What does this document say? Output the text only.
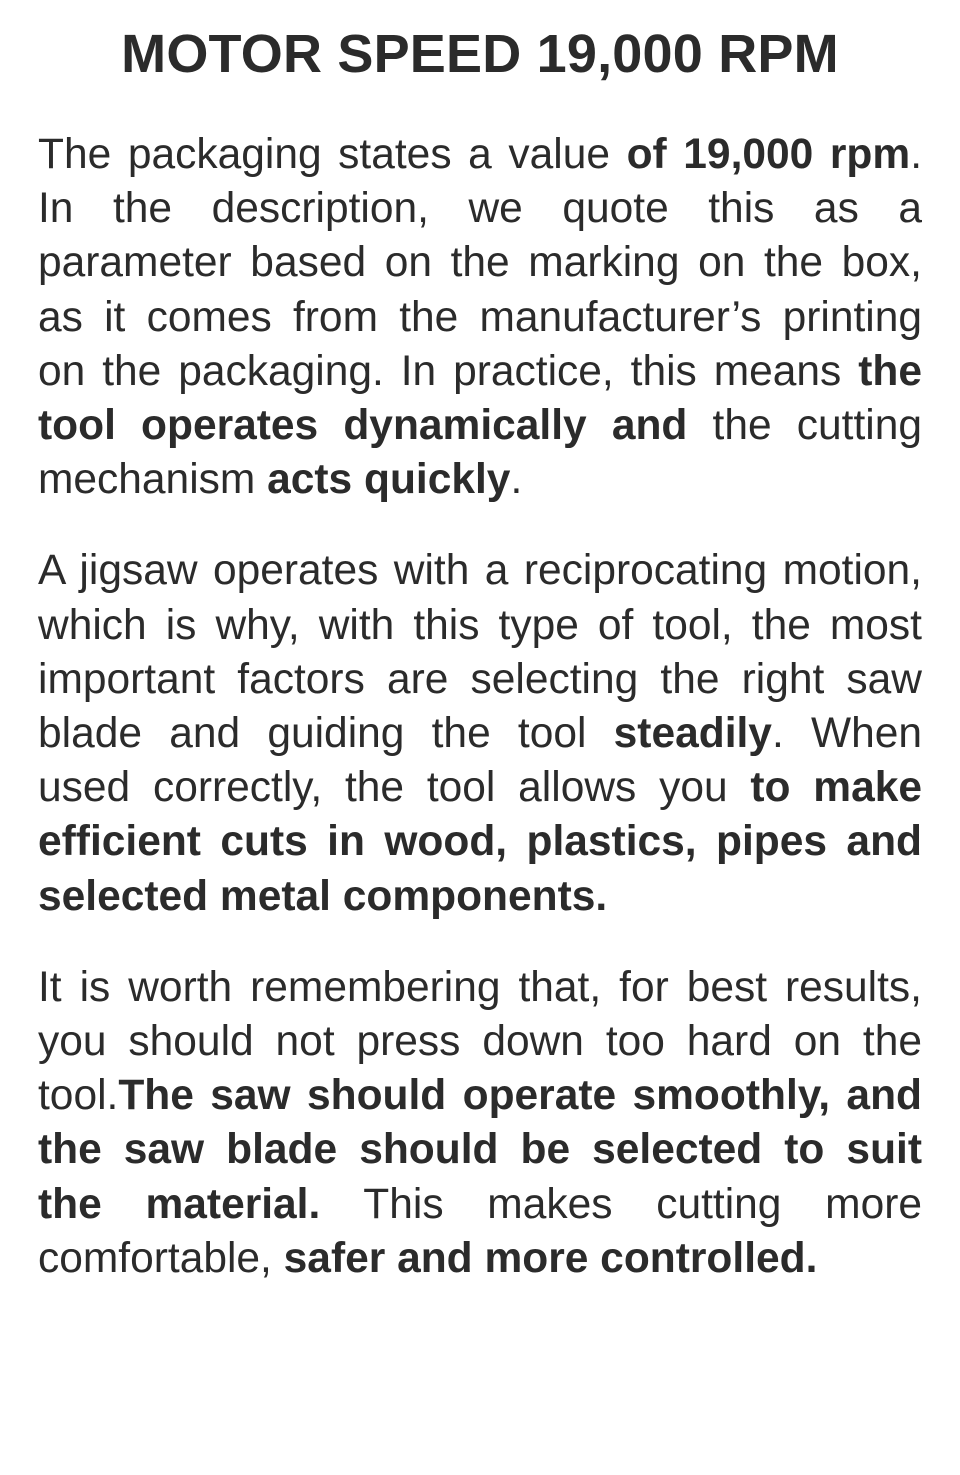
MOTOR SPEED 19,000 RPM

The packaging states a value of 19,000 rpm. In the description, we quote this as a parameter based on the marking on the box, as it comes from the manufacturer’s printing on the packaging. In practice, this means the tool operates dynamically and the cutting mechanism acts quickly.

A jigsaw operates with a reciprocating motion, which is why, with this type of tool, the most important factors are selecting the right saw blade and guiding the tool steadily. When used correctly, the tool allows you to make efficient cuts in wood, plastics, pipes and selected metal components.

It is worth remembering that, for best results, you should not press down too hard on the tool.The saw should operate smoothly, and the saw blade should be selected to suit the material. This makes cutting more comfortable, safer and more controlled.
